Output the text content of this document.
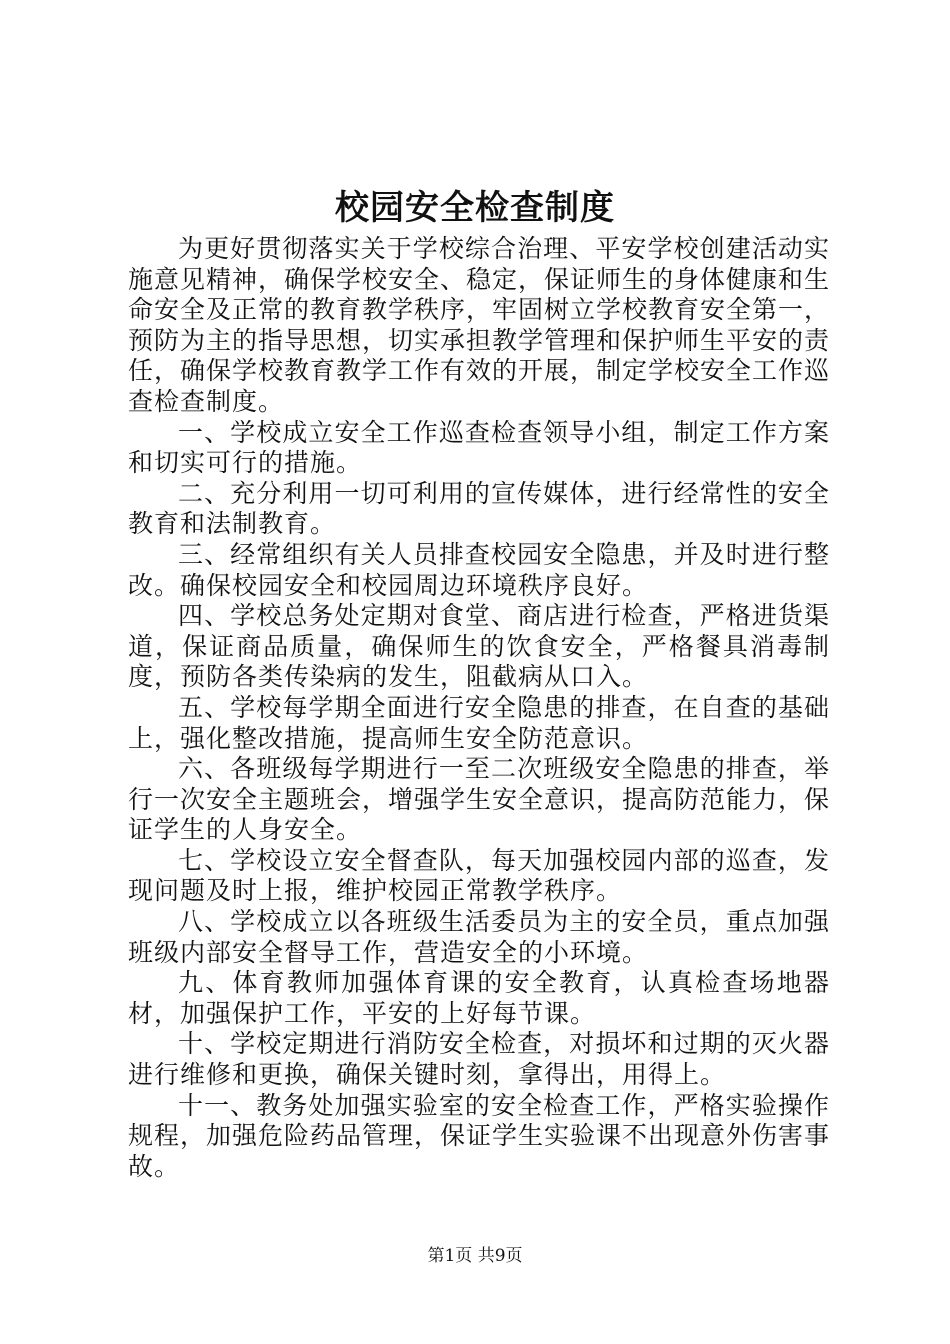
校园安全检查制度

为更好贯彻落实关于学校综合治理、平安学校创建活动实施意见精神，确保学校安全、稳定，保证师生的身体健康和生命安全及正常的教育教学秩序，牢固树立学校教育安全第一，预防为主的指导思想，切实承担教学管理和保护师生平安的责任，确保学校教育教学工作有效的开展，制定学校安全工作巡查检查制度。

一、学校成立安全工作巡查检查领导小组，制定工作方案和切实可行的措施。

二、充分利用一切可利用的宣传媒体，进行经常性的安全教育和法制教育。

三、经常组织有关人员排查校园安全隐患，并及时进行整改。确保校园安全和校园周边环境秩序良好。

四、学校总务处定期对食堂、商店进行检查，严格进货渠道，保证商品质量，确保师生的饮食安全，严格餐具消毒制度，预防各类传染病的发生，阻截病从口入。

五、学校每学期全面进行安全隐患的排查，在自查的基础上，强化整改措施，提高师生安全防范意识。

六、各班级每学期进行一至二次班级安全隐患的排查，举行一次安全主题班会，增强学生安全意识，提高防范能力，保证学生的人身安全。

七、学校设立安全督查队，每天加强校园内部的巡查，发现问题及时上报，维护校园正常教学秩序。

八、学校成立以各班级生活委员为主的安全员，重点加强班级内部安全督导工作，营造安全的小环境。

九、体育教师加强体育课的安全教育，认真检查场地器材，加强保护工作，平安的上好每节课。

十、学校定期进行消防安全检查，对损坏和过期的灭火器进行维修和更换，确保关键时刻，拿得出，用得上。

十一、教务处加强实验室的安全检查工作，严格实验操作规程，加强危险药品管理，保证学生实验课不出现意外伤害事故。

第1页 共9页
